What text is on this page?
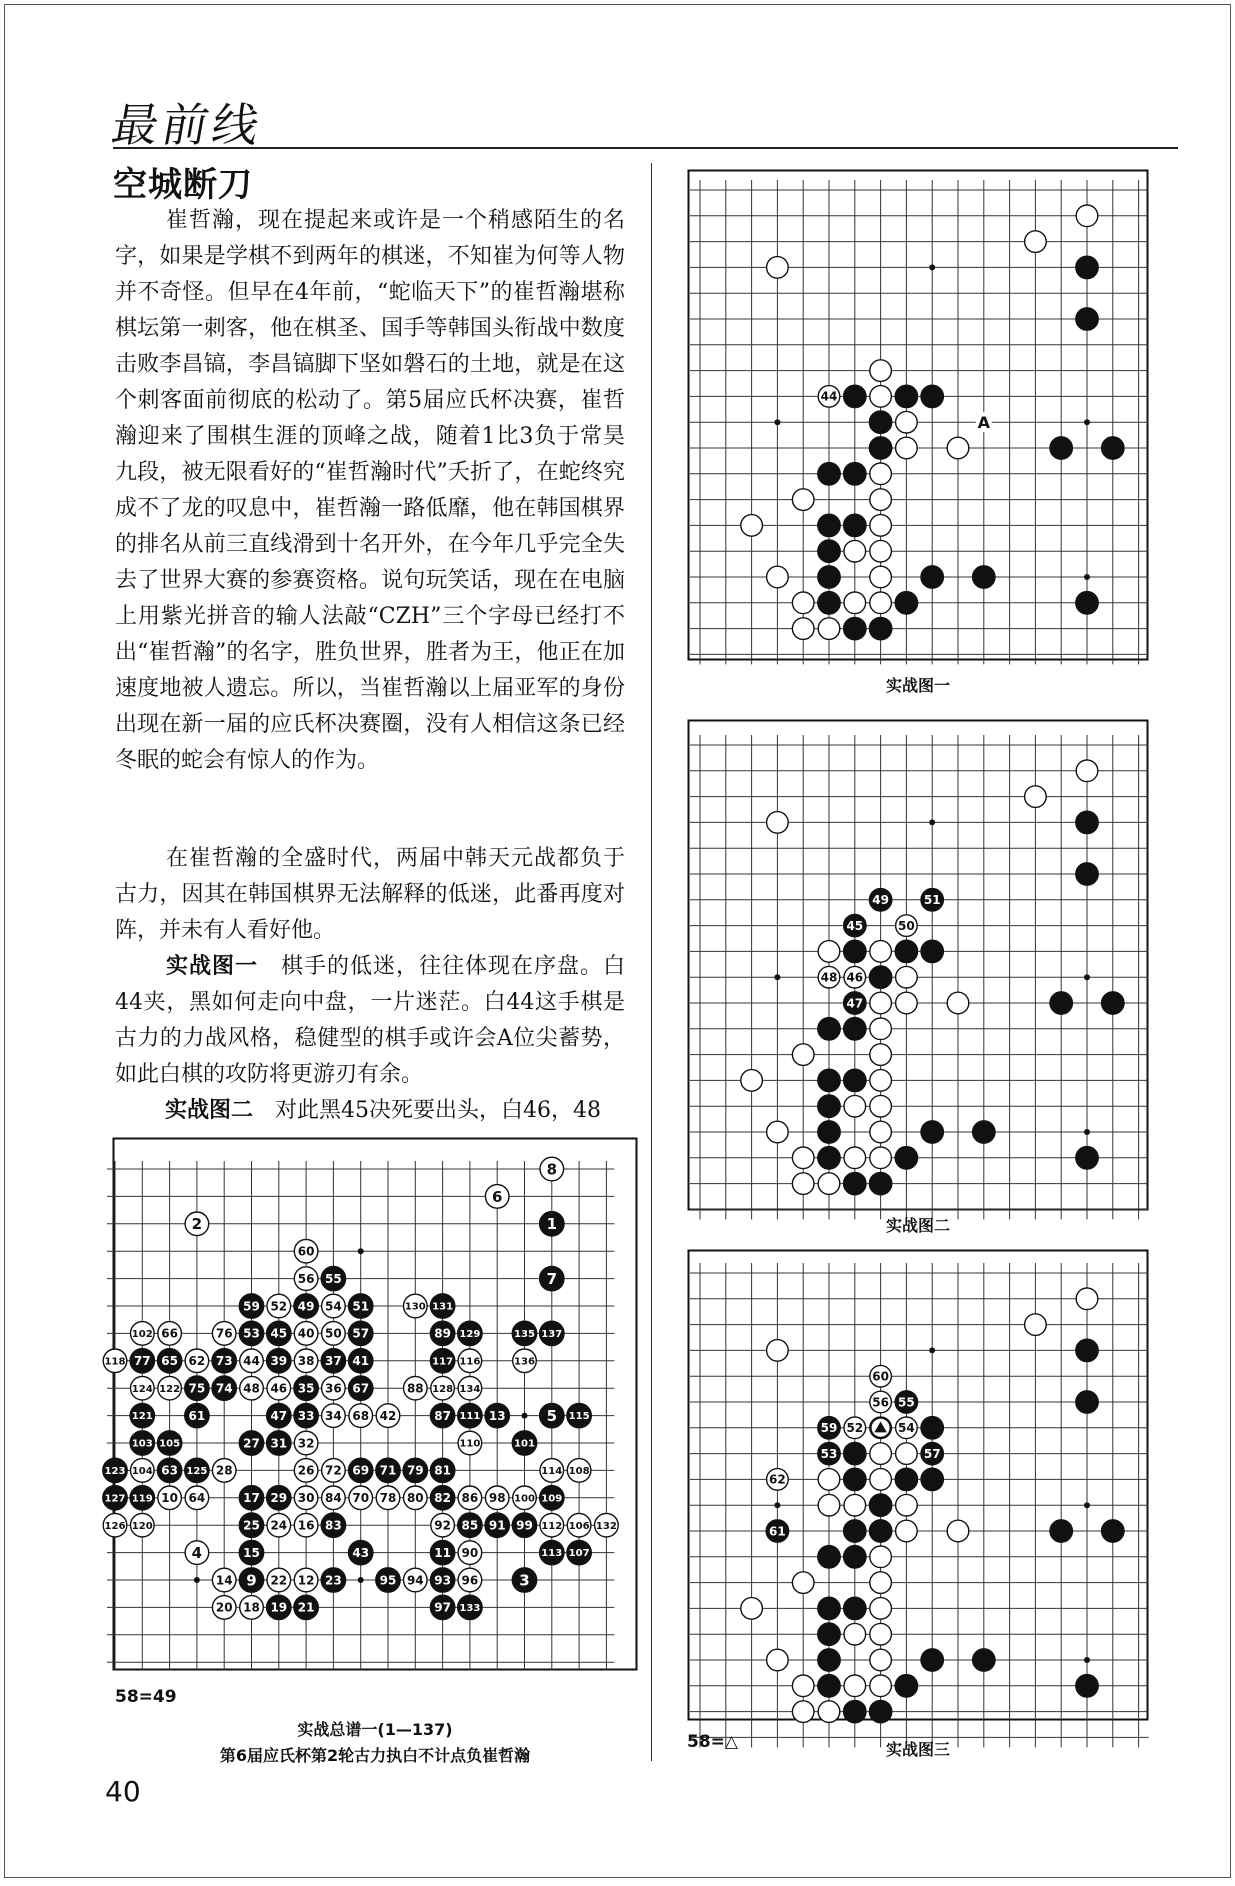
最前线
空城断刀
崔哲瀚，现在提起来或许是一个稍感陌生的名字，如果是学棋不到两年的棋迷，不知崔为何等人物并不奇怪。但早在4年前，“蛇临天下”的崔哲瀚堪称棋坛第一刺客，他在棋圣、国手等韩国头衔战中数度击败李昌镐，李昌镐脚下坚如磐石的土地，就是在这个刺客面前彻底的松动了。第5届应氏杯决赛，崔哲瀚迎来了围棋生涯的顶峰之战，随着1比3负于常昊九段，被无限看好的“崔哲瀚时代”夭折了，在蛇终究成不了龙的叹息中，崔哲瀚一路低靡，他在韩国棋界的排名从前三直线滑到十名开外，在今年几乎完全失去了世界大赛的参赛资格。说句玩笑话，现在在电脑上用紫光拼音的输人法敲“CZH”三个字母已经打不出“崔哲瀚”的名字，胜负世界，胜者为王，他正在加速度地被人遗忘。所以，当崔哲瀚以上届亚军的身份出现在新一届的应氏杯决赛圈，没有人相信这条已经冬眠的蛇会有惊人的作为。
在崔哲瀚的全盛时代，两届中韩天元战都负于古力，因其在韩国棋界无法解释的低迷，此番再度对阵，并未有人看好他。
实战图一　 棋手的低迷，往往体现在序盘。白44夹，黑如何走向中盘，一片迷茫。白44这手棋是古力的力战风格，稳健型的棋手或许会A位尖蓄势，如此白棋的攻防将更游刃有余。
实战图二　 对此黑45决死要出头，白46，48
8
6
2	1
60
56 55	7
59 52 49 54 51	130 131
102 66	76 53 45 40 50 57	89 129	135 137
118 77 65 62 73 44 39 38 37 41	117 116	136
124 122 75 74 48 46 35 36 67	88 128 134
121	61	47 33 34 68 42	87 111 13	5 115
103 105	27 31 32	110	101
123 104 63 125 28	26 72 69 71 79 81	114 108
127 119 10 64	17 29 30 84 70 78 80 82 86 98 100 109
126 120	25 24 16 83	92 85 91 99 112 106 132
4	15	43	11 90	113 107
14 9 22 12 23	95 94 93 96	3
20 18 19 21	97 133
58=49
实战总谱一(1—137)
第6届应氏杯第2轮古力执白不计点负崔哲瀚
44
A
实战图一
49	51
45	50
48 46
47
实战图二
60
56 55
59 52	54
53	57
62
61
58=△	实战图三
40
